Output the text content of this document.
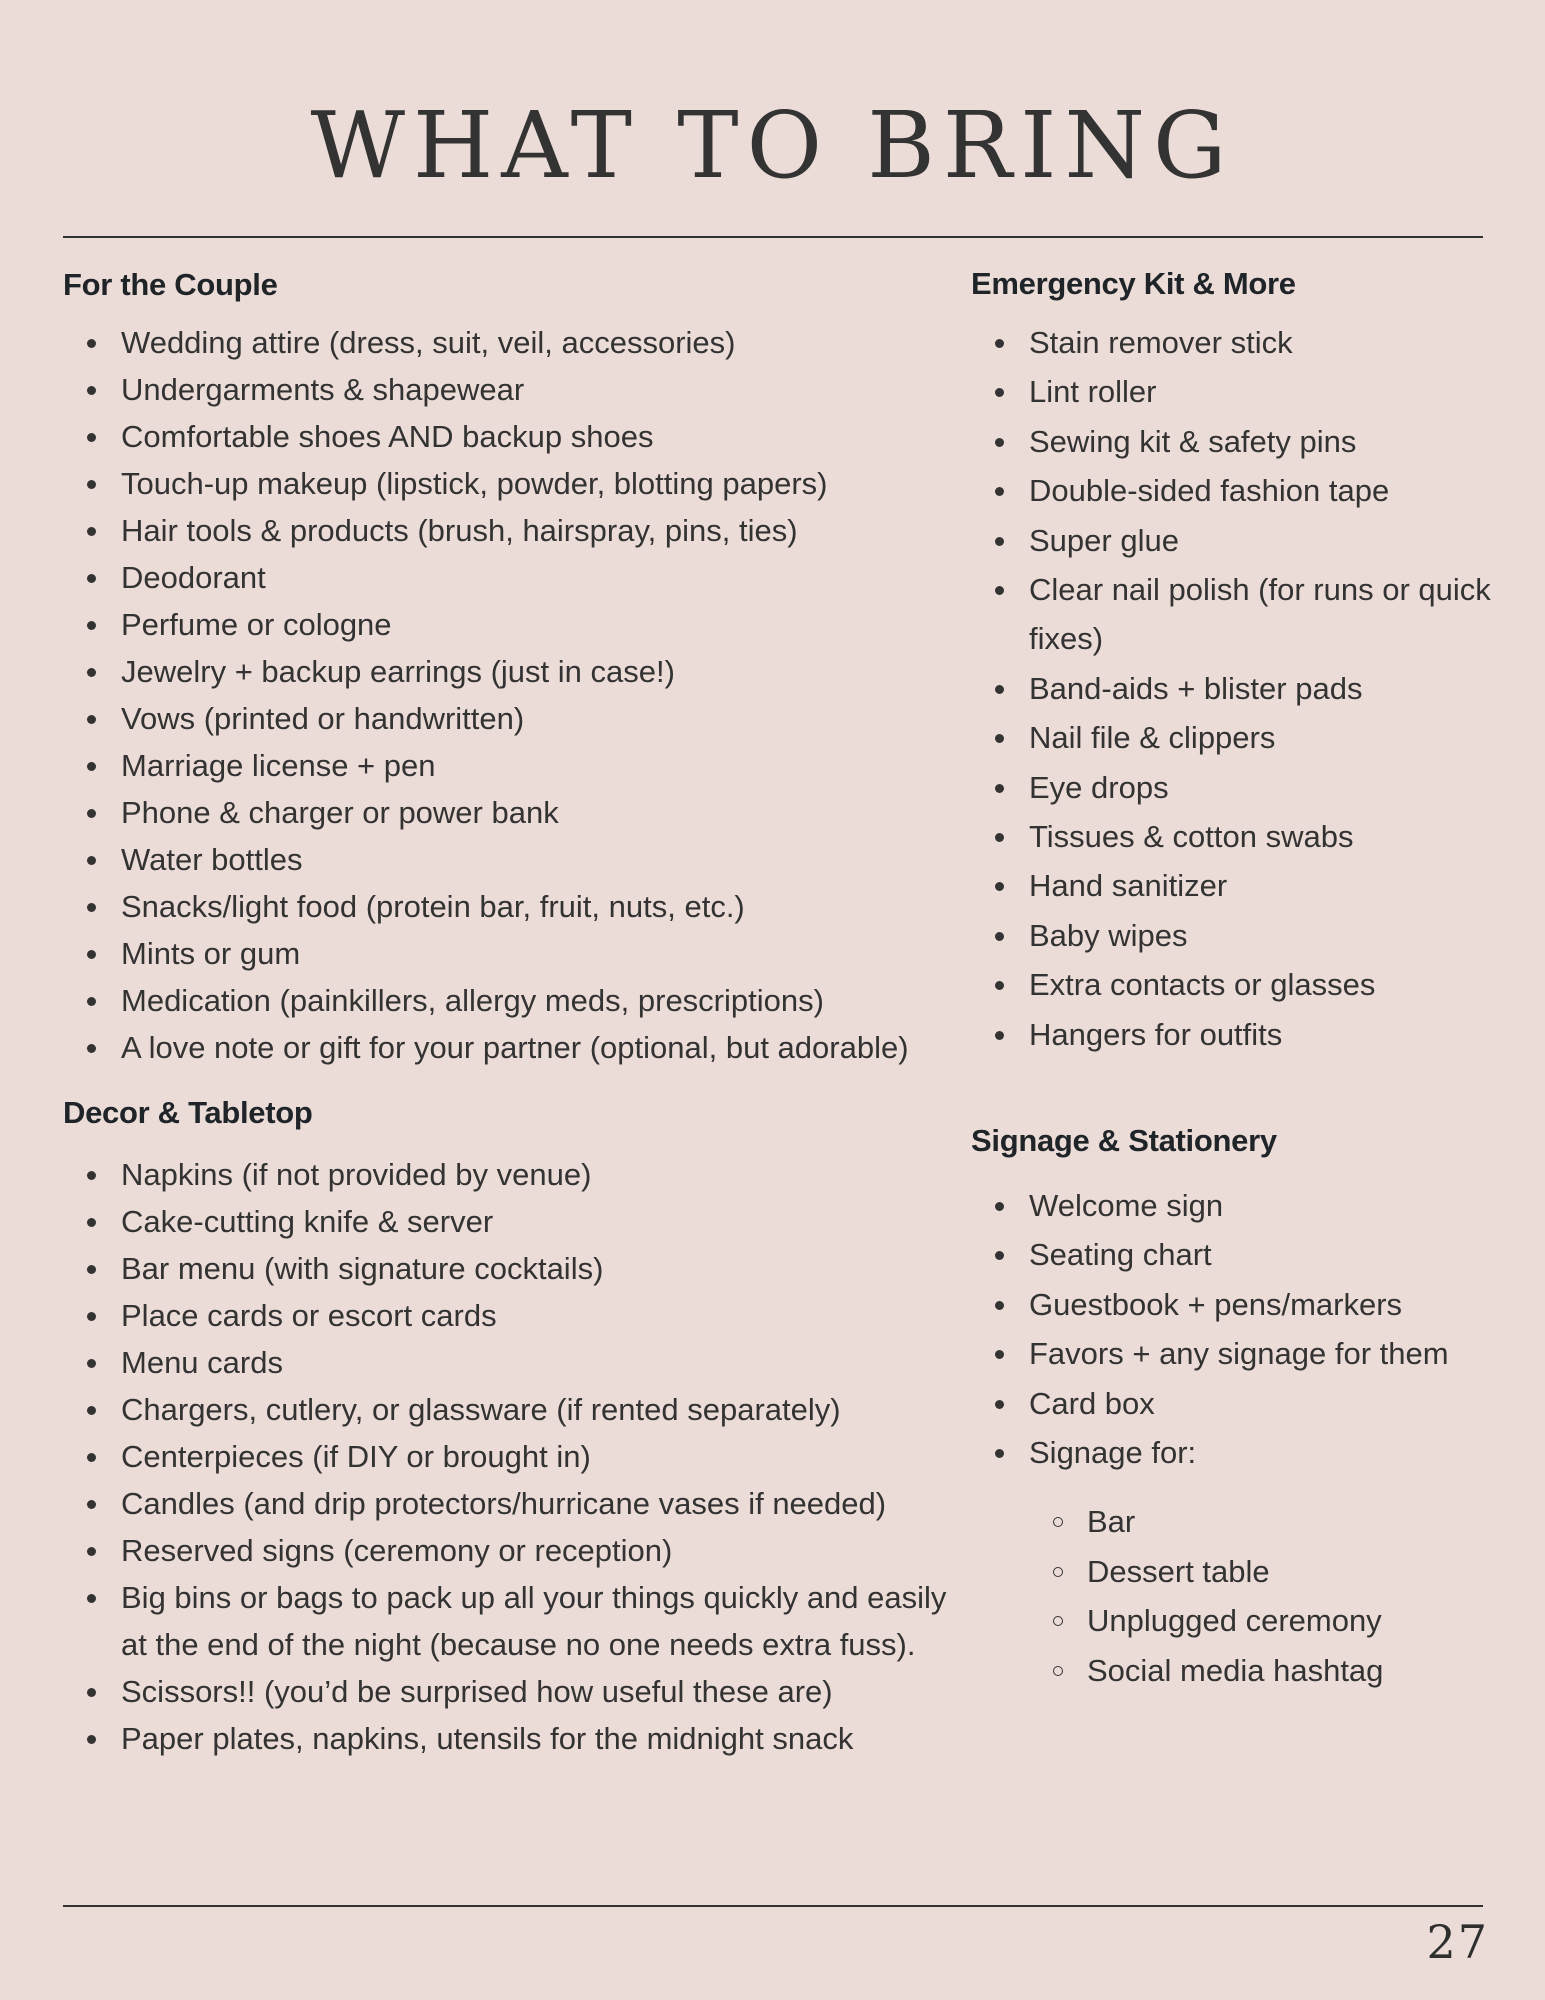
WHAT TO BRING
For the Couple
Wedding attire (dress, suit, veil, accessories)
Undergarments & shapewear
Comfortable shoes AND backup shoes
Touch-up makeup (lipstick, powder, blotting papers)
Hair tools & products (brush, hairspray, pins, ties)
Deodorant
Perfume or cologne
Jewelry + backup earrings (just in case!)
Vows (printed or handwritten)
Marriage license + pen
Phone & charger or power bank
Water bottles
Snacks/light food (protein bar, fruit, nuts, etc.)
Mints or gum
Medication (painkillers, allergy meds, prescriptions)
A love note or gift for your partner (optional, but adorable)
Decor & Tabletop
Napkins (if not provided by venue)
Cake-cutting knife & server
Bar menu (with signature cocktails)
Place cards or escort cards
Menu cards
Chargers, cutlery, or glassware (if rented separately)
Centerpieces (if DIY or brought in)
Candles (and drip protectors/hurricane vases if needed)
Reserved signs (ceremony or reception)
Big bins or bags to pack up all your things quickly and easily at the end of the night (because no one needs extra fuss).
Scissors!! (you’d be surprised how useful these are)
Paper plates, napkins, utensils for the midnight snack
Emergency Kit & More
Stain remover stick
Lint roller
Sewing kit & safety pins
Double-sided fashion tape
Super glue
Clear nail polish (for runs or quick fixes)
Band-aids + blister pads
Nail file & clippers
Eye drops
Tissues & cotton swabs
Hand sanitizer
Baby wipes
Extra contacts or glasses
Hangers for outfits
Signage & Stationery
Welcome sign
Seating chart
Guestbook + pens/markers
Favors + any signage for them
Card box
Signage for:
Bar
Dessert table
Unplugged ceremony
Social media hashtag
27
